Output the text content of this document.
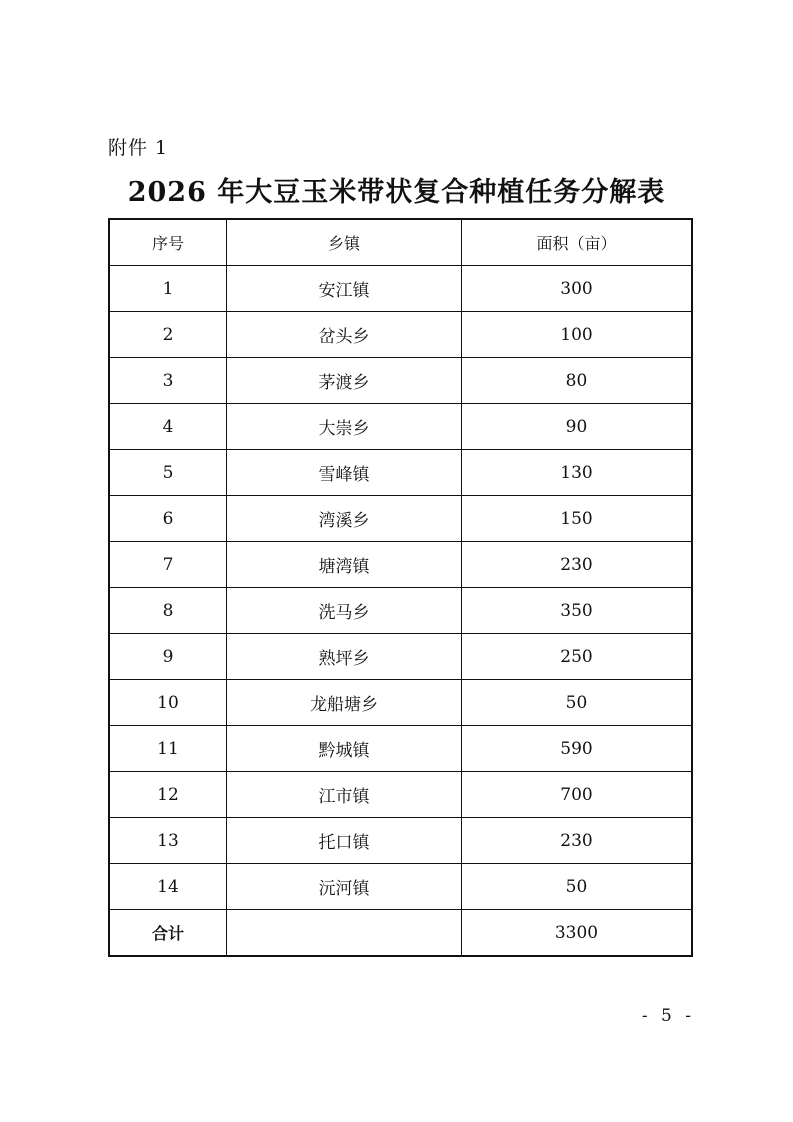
附件 1
2026 年大豆玉米带状复合种植任务分解表
序号	乡镇	面积（亩）
1	安江镇	300
2	岔头乡	100
3	茅渡乡	80
4	大崇乡	90
5	雪峰镇	130
6	湾溪乡	150
7	塘湾镇	230
8	洗马乡	350
9	熟坪乡	250
10	龙船塘乡	50
11	黔城镇	590
12	江市镇	700
13	托口镇	230
14	沅河镇	50
合计		3300
- 5 -
